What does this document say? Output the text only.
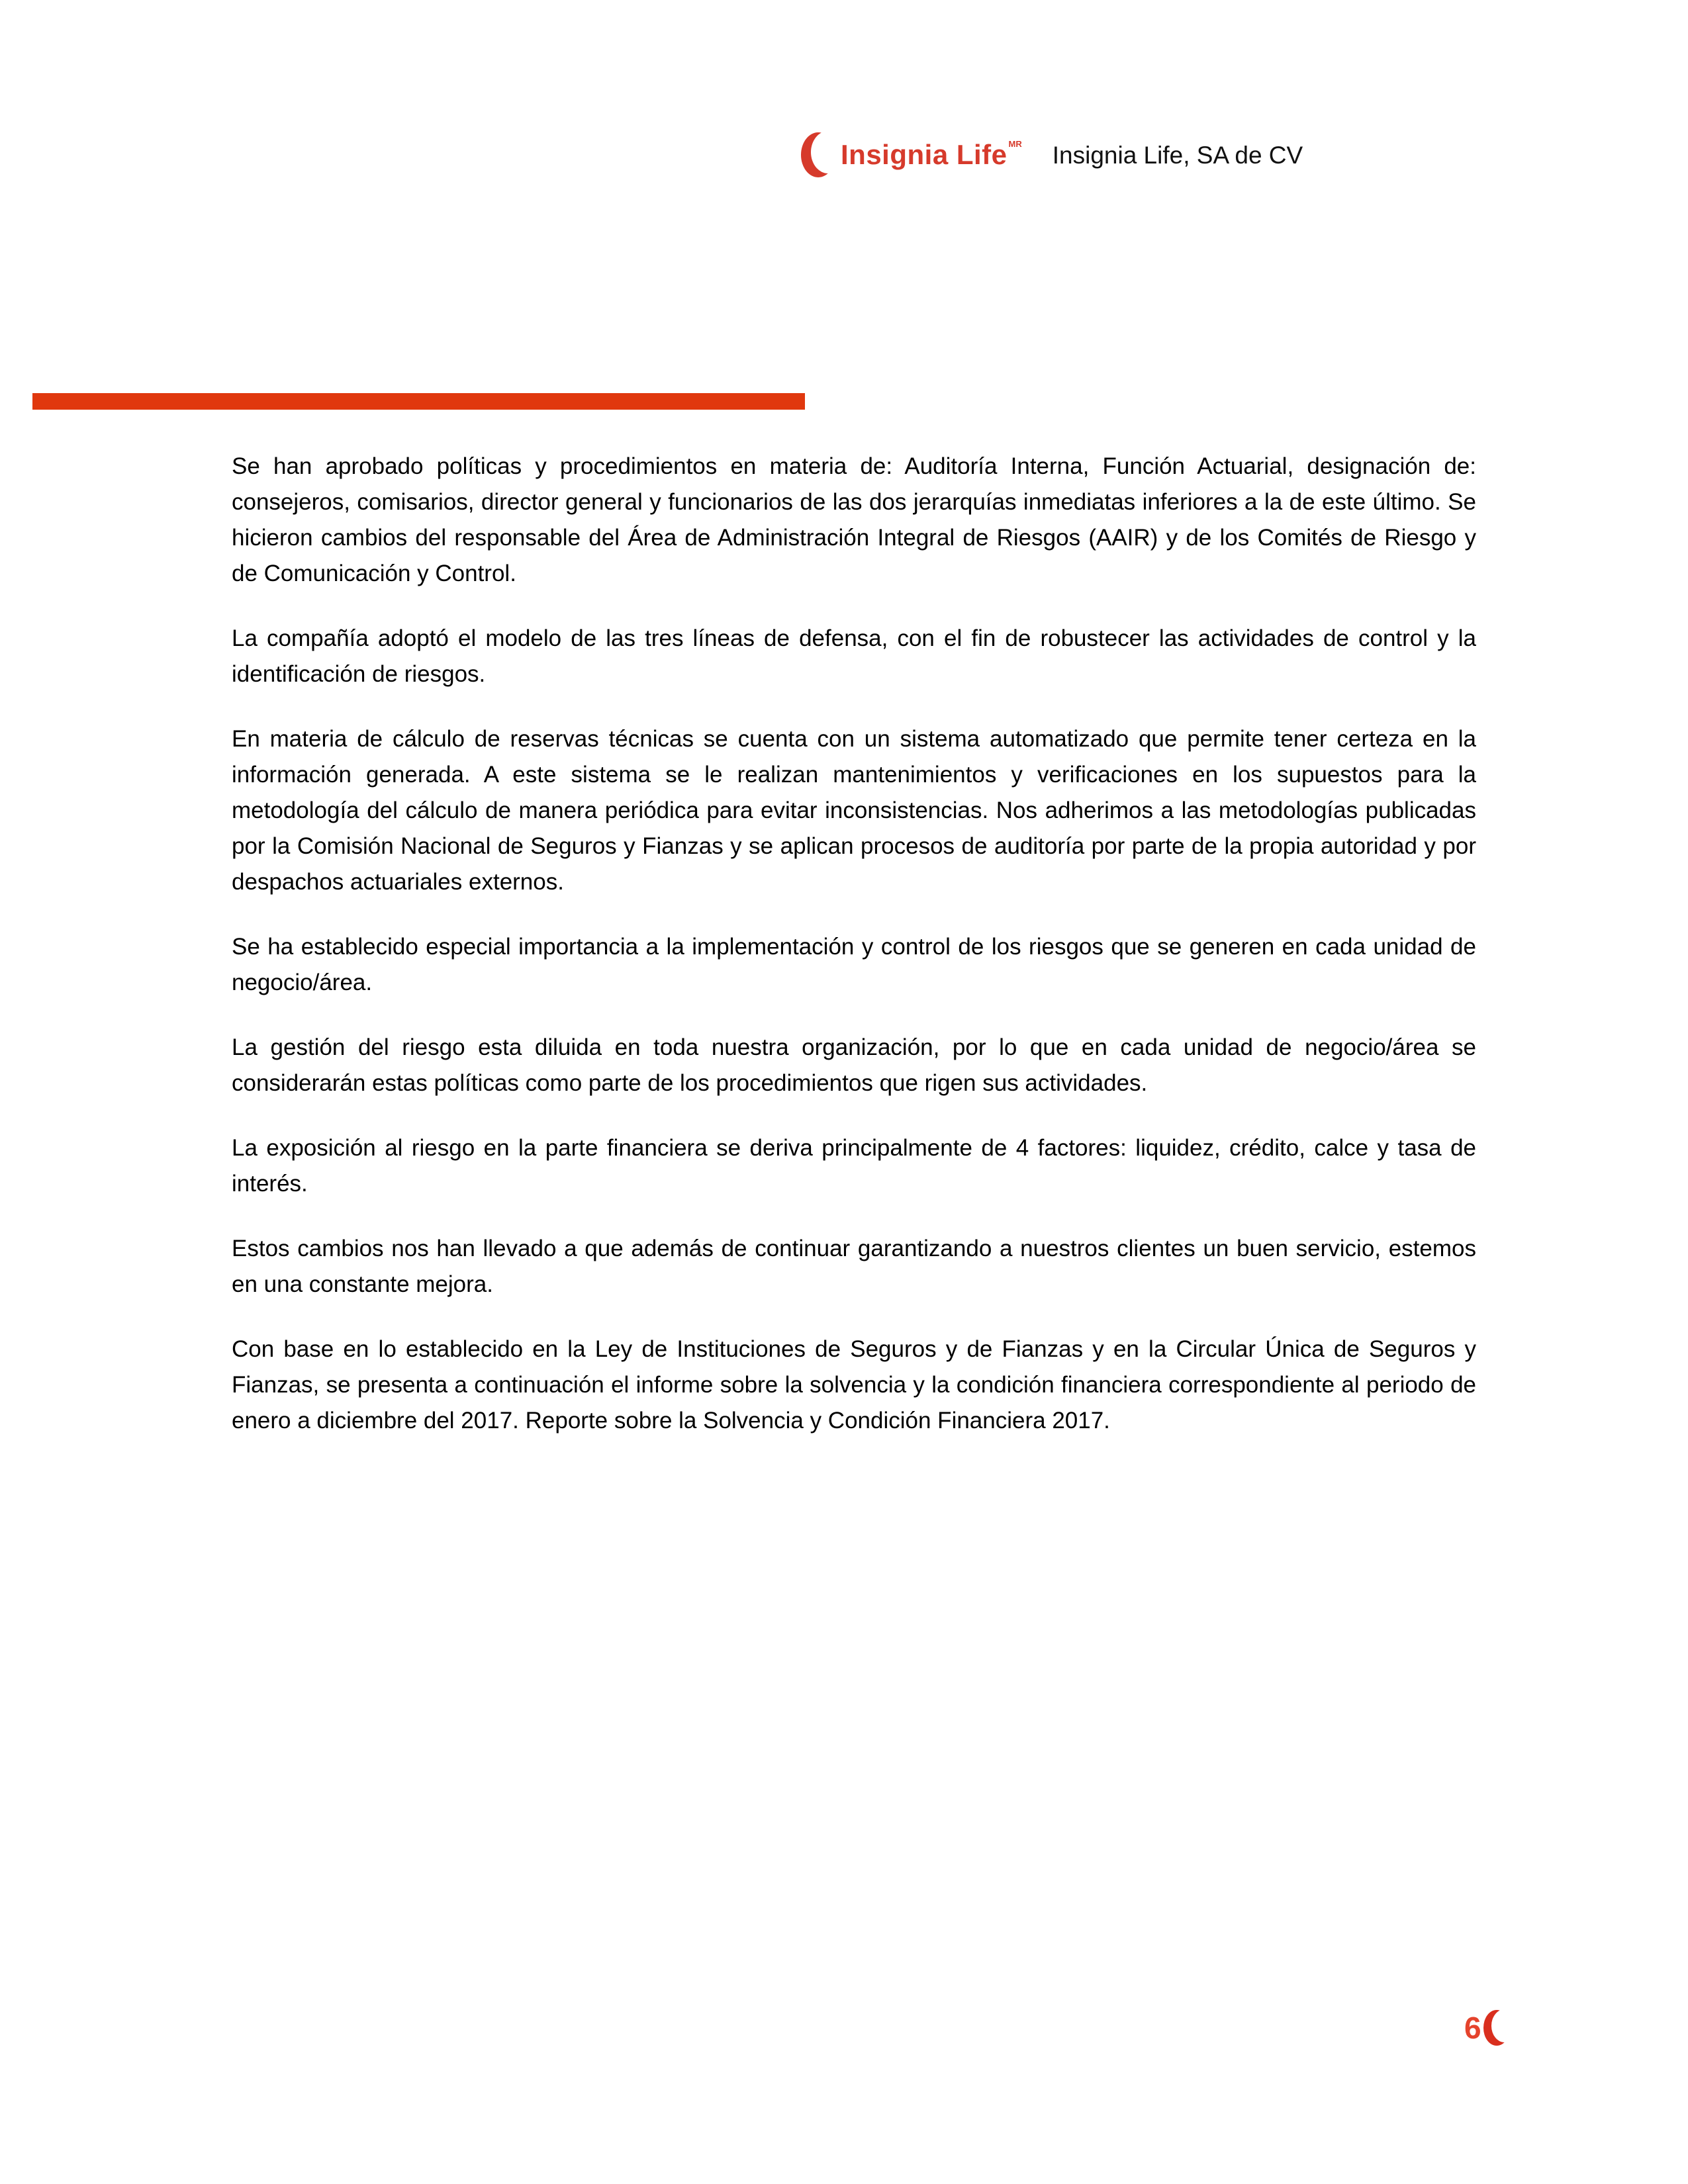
Insignia Life MR Insignia Life, SA de CV

Se han aprobado políticas y procedimientos en materia de: Auditoría Interna, Función Actuarial, designación de: consejeros, comisarios, director general y funcionarios de las dos jerarquías inmediatas inferiores a la de este último. Se hicieron cambios del responsable del Área de Administración Integral de Riesgos (AAIR) y de los Comités de Riesgo y de Comunicación y Control.

La compañía adoptó el modelo de las tres líneas de defensa, con el fin de robustecer las actividades de control y la identificación de riesgos.

En materia de cálculo de reservas técnicas se cuenta con un sistema automatizado que permite tener certeza en la información generada. A este sistema se le realizan mantenimientos y verificaciones en los supuestos para la metodología del cálculo de manera periódica para evitar inconsistencias. Nos adherimos a las metodologías publicadas por la Comisión Nacional de Seguros y Fianzas y se aplican procesos de auditoría por parte de la propia autoridad y por despachos actuariales externos.

Se ha establecido especial importancia a la implementación y control de los riesgos que se generen en cada unidad de negocio/área.

La gestión del riesgo esta diluida en toda nuestra organización, por lo que en cada unidad de negocio/área se considerarán estas políticas como parte de los procedimientos que rigen sus actividades.

La exposición al riesgo en la parte financiera se deriva principalmente de 4 factores: liquidez, crédito, calce y tasa de interés.

Estos cambios nos han llevado a que además de continuar garantizando a nuestros clientes un buen servicio, estemos en una constante mejora.

Con base en lo establecido en la Ley de Instituciones de Seguros y de Fianzas y en la Circular Única de Seguros y Fianzas, se presenta a continuación el informe sobre la solvencia y la condición financiera correspondiente al periodo de enero a diciembre del 2017. Reporte sobre la Solvencia y Condición Financiera 2017.

6
